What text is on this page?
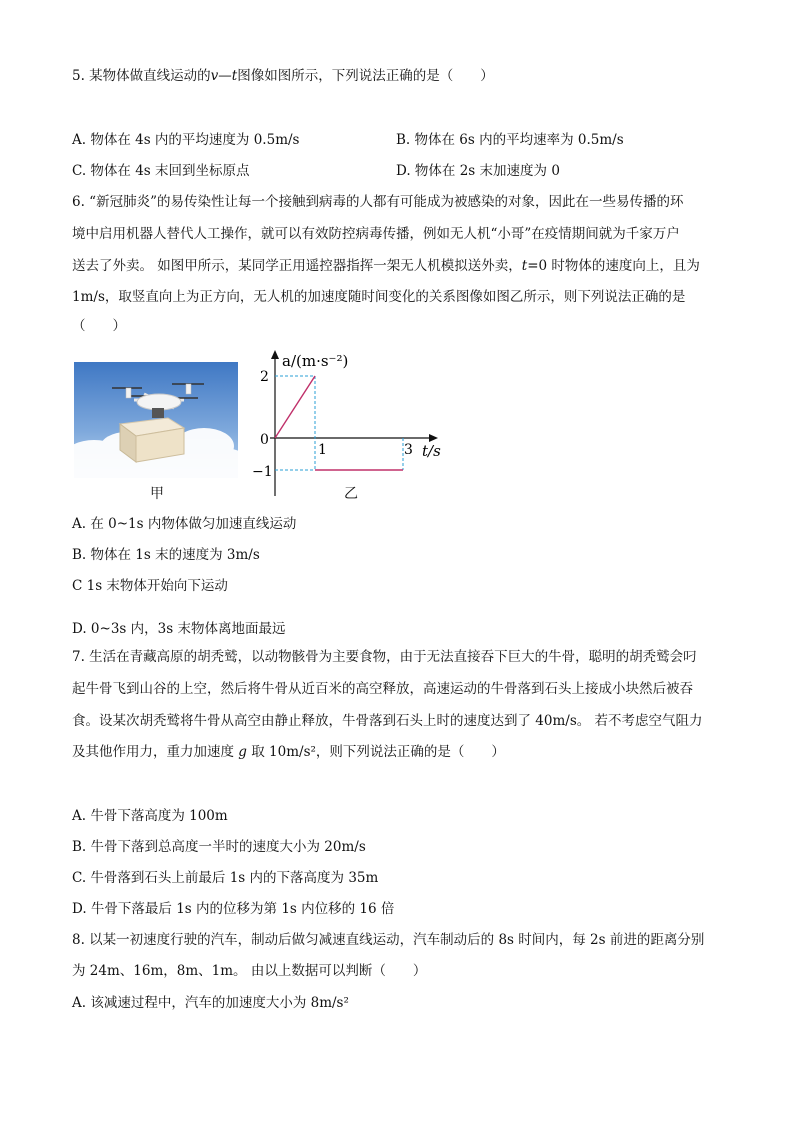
5. 某物体做直线运动的v—t图像如图所示，下列说法正确的是（　　）
A. 物体在 4s 内的平均速度为 0.5m/s	B. 物体在 6s 内的平均速率为 0.5m/s
C. 物体在 4s 末回到坐标原点	D. 物体在 2s 末加速度为 0
6. “新冠肺炎”的易传染性让每一个接触到病毒的人都有可能成为被感染的对象，因此在一些易传播的环
境中启用机器人替代人工操作，就可以有效防控病毒传播，例如无人机“小哥”在疫情期间就为千家万户
送去了外卖。 如图甲所示，某同学正用遥控器指挥一架无人机模拟送外卖，t=0 时物体的速度向上，且为
1m/s，取竖直向上为正方向，无人机的加速度随时间变化的关系图像如图乙所示，则下列说法正确的是
（　　）
a/(m·s⁻²)
2
0
−1
1	3 t/s
甲	乙
A. 在 0~1s 内物体做匀加速直线运动
B. 物体在 1s 末的速度为 3m/s
C 1s 末物体开始向下运动
D. 0~3s 内，3s 末物体离地面最远
7. 生活在青藏高原的胡秃鹫，以动物骸骨为主要食物，由于无法直接吞下巨大的牛骨，聪明的胡秃鹫会叼
起牛骨飞到山谷的上空，然后将牛骨从近百米的高空释放，高速运动的牛骨落到石头上接成小块然后被吞
食。设某次胡秃鹫将牛骨从高空由静止释放，牛骨落到石头上时的速度达到了 40m/s。 若不考虑空气阻力
及其他作用力，重力加速度 g 取 10m/s²，则下列说法正确的是（　　）
A. 牛骨下落高度为 100m
B. 牛骨下落到总高度一半时的速度大小为 20m/s
C. 牛骨落到石头上前最后 1s 内的下落高度为 35m
D. 牛骨下落最后 1s 内的位移为第 1s 内位移的 16 倍
8. 以某一初速度行驶的汽车，制动后做匀减速直线运动，汽车制动后的 8s 时间内，每 2s 前进的距离分别
为 24m、16m，8m、1m。 由以上数据可以判断（　　）
A. 该减速过程中，汽车的加速度大小为 8m/s²
